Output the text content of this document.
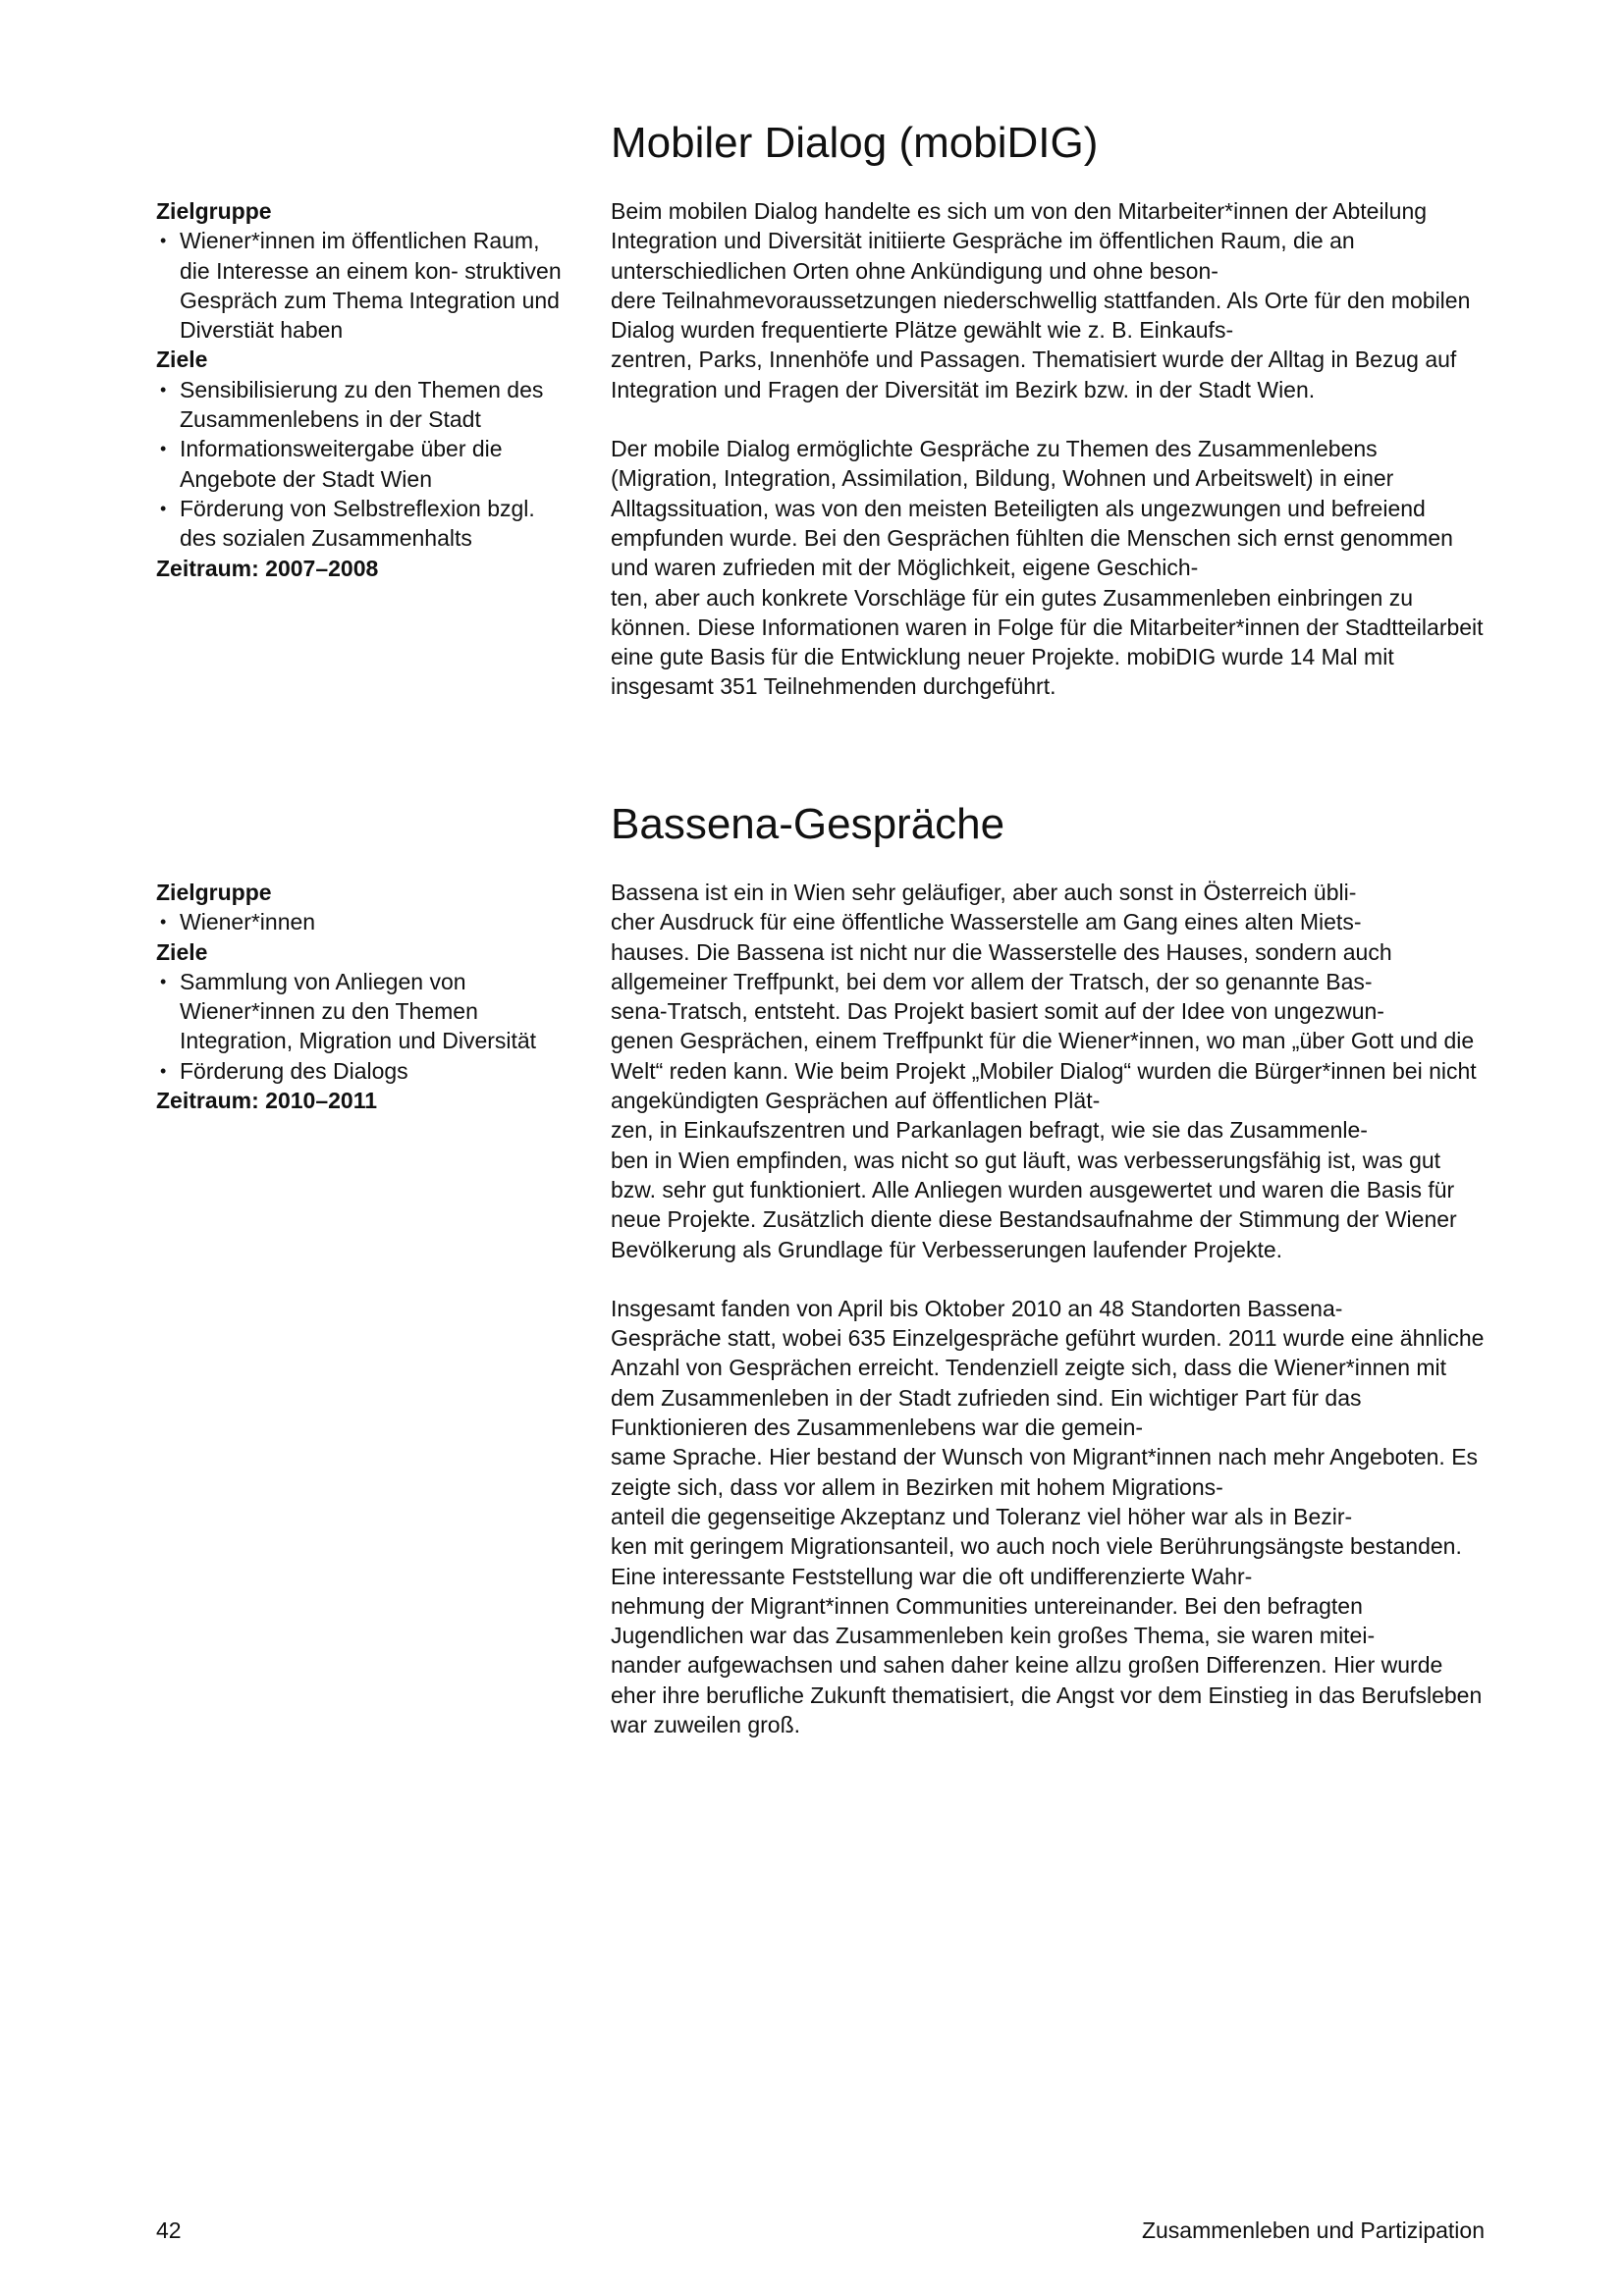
Mobiler Dialog (mobiDIG)
Zielgruppe
• Wiener*innen im öffentlichen Raum, die Interesse an einem kon- struktiven Gespräch zum Thema Integration und Diverstiät haben
Ziele
• Sensibilisierung zu den Themen des Zusammenlebens in der Stadt
• Informationsweitergabe über die Angebote der Stadt Wien
• Förderung von Selbstreflexion bzgl. des sozialen Zusammenhalts
Zeitraum: 2007–2008

Beim mobilen Dialog handelte es sich um von den Mitarbeiter*innen der Abteilung Integration und Diversität initiierte Gespräche im öffentlichen Raum, die an unterschiedlichen Orten ohne Ankündigung und ohne beson-
dere Teilnahmevoraussetzungen niederschwellig stattfanden. Als Orte für den mobilen Dialog wurden frequentierte Plätze gewählt wie z. B. Einkaufs-
zentren, Parks, Innenhöfe und Passagen. Thematisiert wurde der Alltag in Bezug auf Integration und Fragen der Diversität im Bezirk bzw. in der Stadt Wien.

Der mobile Dialog ermöglichte Gespräche zu Themen des Zusammenlebens (Migration, Integration, Assimilation, Bildung, Wohnen und Arbeitswelt) in einer Alltagssituation, was von den meisten Beteiligten als ungezwungen und befreiend empfunden wurde. Bei den Gesprächen fühlten die Menschen sich ernst genommen und waren zufrieden mit der Möglichkeit, eigene Geschich-
ten, aber auch konkrete Vorschläge für ein gutes Zusammenleben einbringen zu können. Diese Informationen waren in Folge für die Mitarbeiter*innen der Stadtteilarbeit eine gute Basis für die Entwicklung neuer Projekte. mobiDIG wurde 14 Mal mit insgesamt 351 Teilnehmenden durchgeführt.

Bassena-Gespräche
Zielgruppe
• Wiener*innen
Ziele
• Sammlung von Anliegen von Wiener*innen zu den Themen Integration, Migration und Diversität
• Förderung des Dialogs
Zeitraum: 2010–2011

Bassena ist ein in Wien sehr geläufiger, aber auch sonst in Österreich übli-
cher Ausdruck für eine öffentliche Wasserstelle am Gang eines alten Miets-
hauses. Die Bassena ist nicht nur die Wasserstelle des Hauses, sondern auch allgemeiner Treffpunkt, bei dem vor allem der Tratsch, der so genannte Bas-
sena-Tratsch, entsteht. Das Projekt basiert somit auf der Idee von ungezwun-
genen Gesprächen, einem Treffpunkt für die Wiener*innen, wo man „über Gott und die Welt“ reden kann. Wie beim Projekt „Mobiler Dialog“ wurden die Bürger*innen bei nicht angekündigten Gesprächen auf öffentlichen Plät-
zen, in Einkaufszentren und Parkanlagen befragt, wie sie das Zusammenle-
ben in Wien empfinden, was nicht so gut läuft, was verbesserungsfähig ist, was gut bzw. sehr gut funktioniert. Alle Anliegen wurden ausgewertet und waren die Basis für neue Projekte. Zusätzlich diente diese Bestandsaufnahme der Stimmung der Wiener Bevölkerung als Grundlage für Verbesserungen laufender Projekte.

Insgesamt fanden von April bis Oktober 2010 an 48 Standorten Bassena-
Gespräche statt, wobei 635 Einzelgespräche geführt wurden. 2011 wurde eine ähnliche Anzahl von Gesprächen erreicht. Tendenziell zeigte sich, dass die Wiener*innen mit dem Zusammenleben in der Stadt zufrieden sind. Ein wichtiger Part für das Funktionieren des Zusammenlebens war die gemein-
same Sprache. Hier bestand der Wunsch von Migrant*innen nach mehr Angeboten. Es zeigte sich, dass vor allem in Bezirken mit hohem Migrations-
anteil die gegenseitige Akzeptanz und Toleranz viel höher war als in Bezir-
ken mit geringem Migrationsanteil, wo auch noch viele Berührungsängste bestanden. Eine interessante Feststellung war die oft undifferenzierte Wahr-
nehmung der Migrant*innen Communities untereinander. Bei den befragten Jugendlichen war das Zusammenleben kein großes Thema, sie waren mitei-
nander aufgewachsen und sahen daher keine allzu großen Differenzen. Hier wurde eher ihre berufliche Zukunft thematisiert, die Angst vor dem Einstieg in das Berufsleben war zuweilen groß.

42	Zusammenleben und Partizipation
